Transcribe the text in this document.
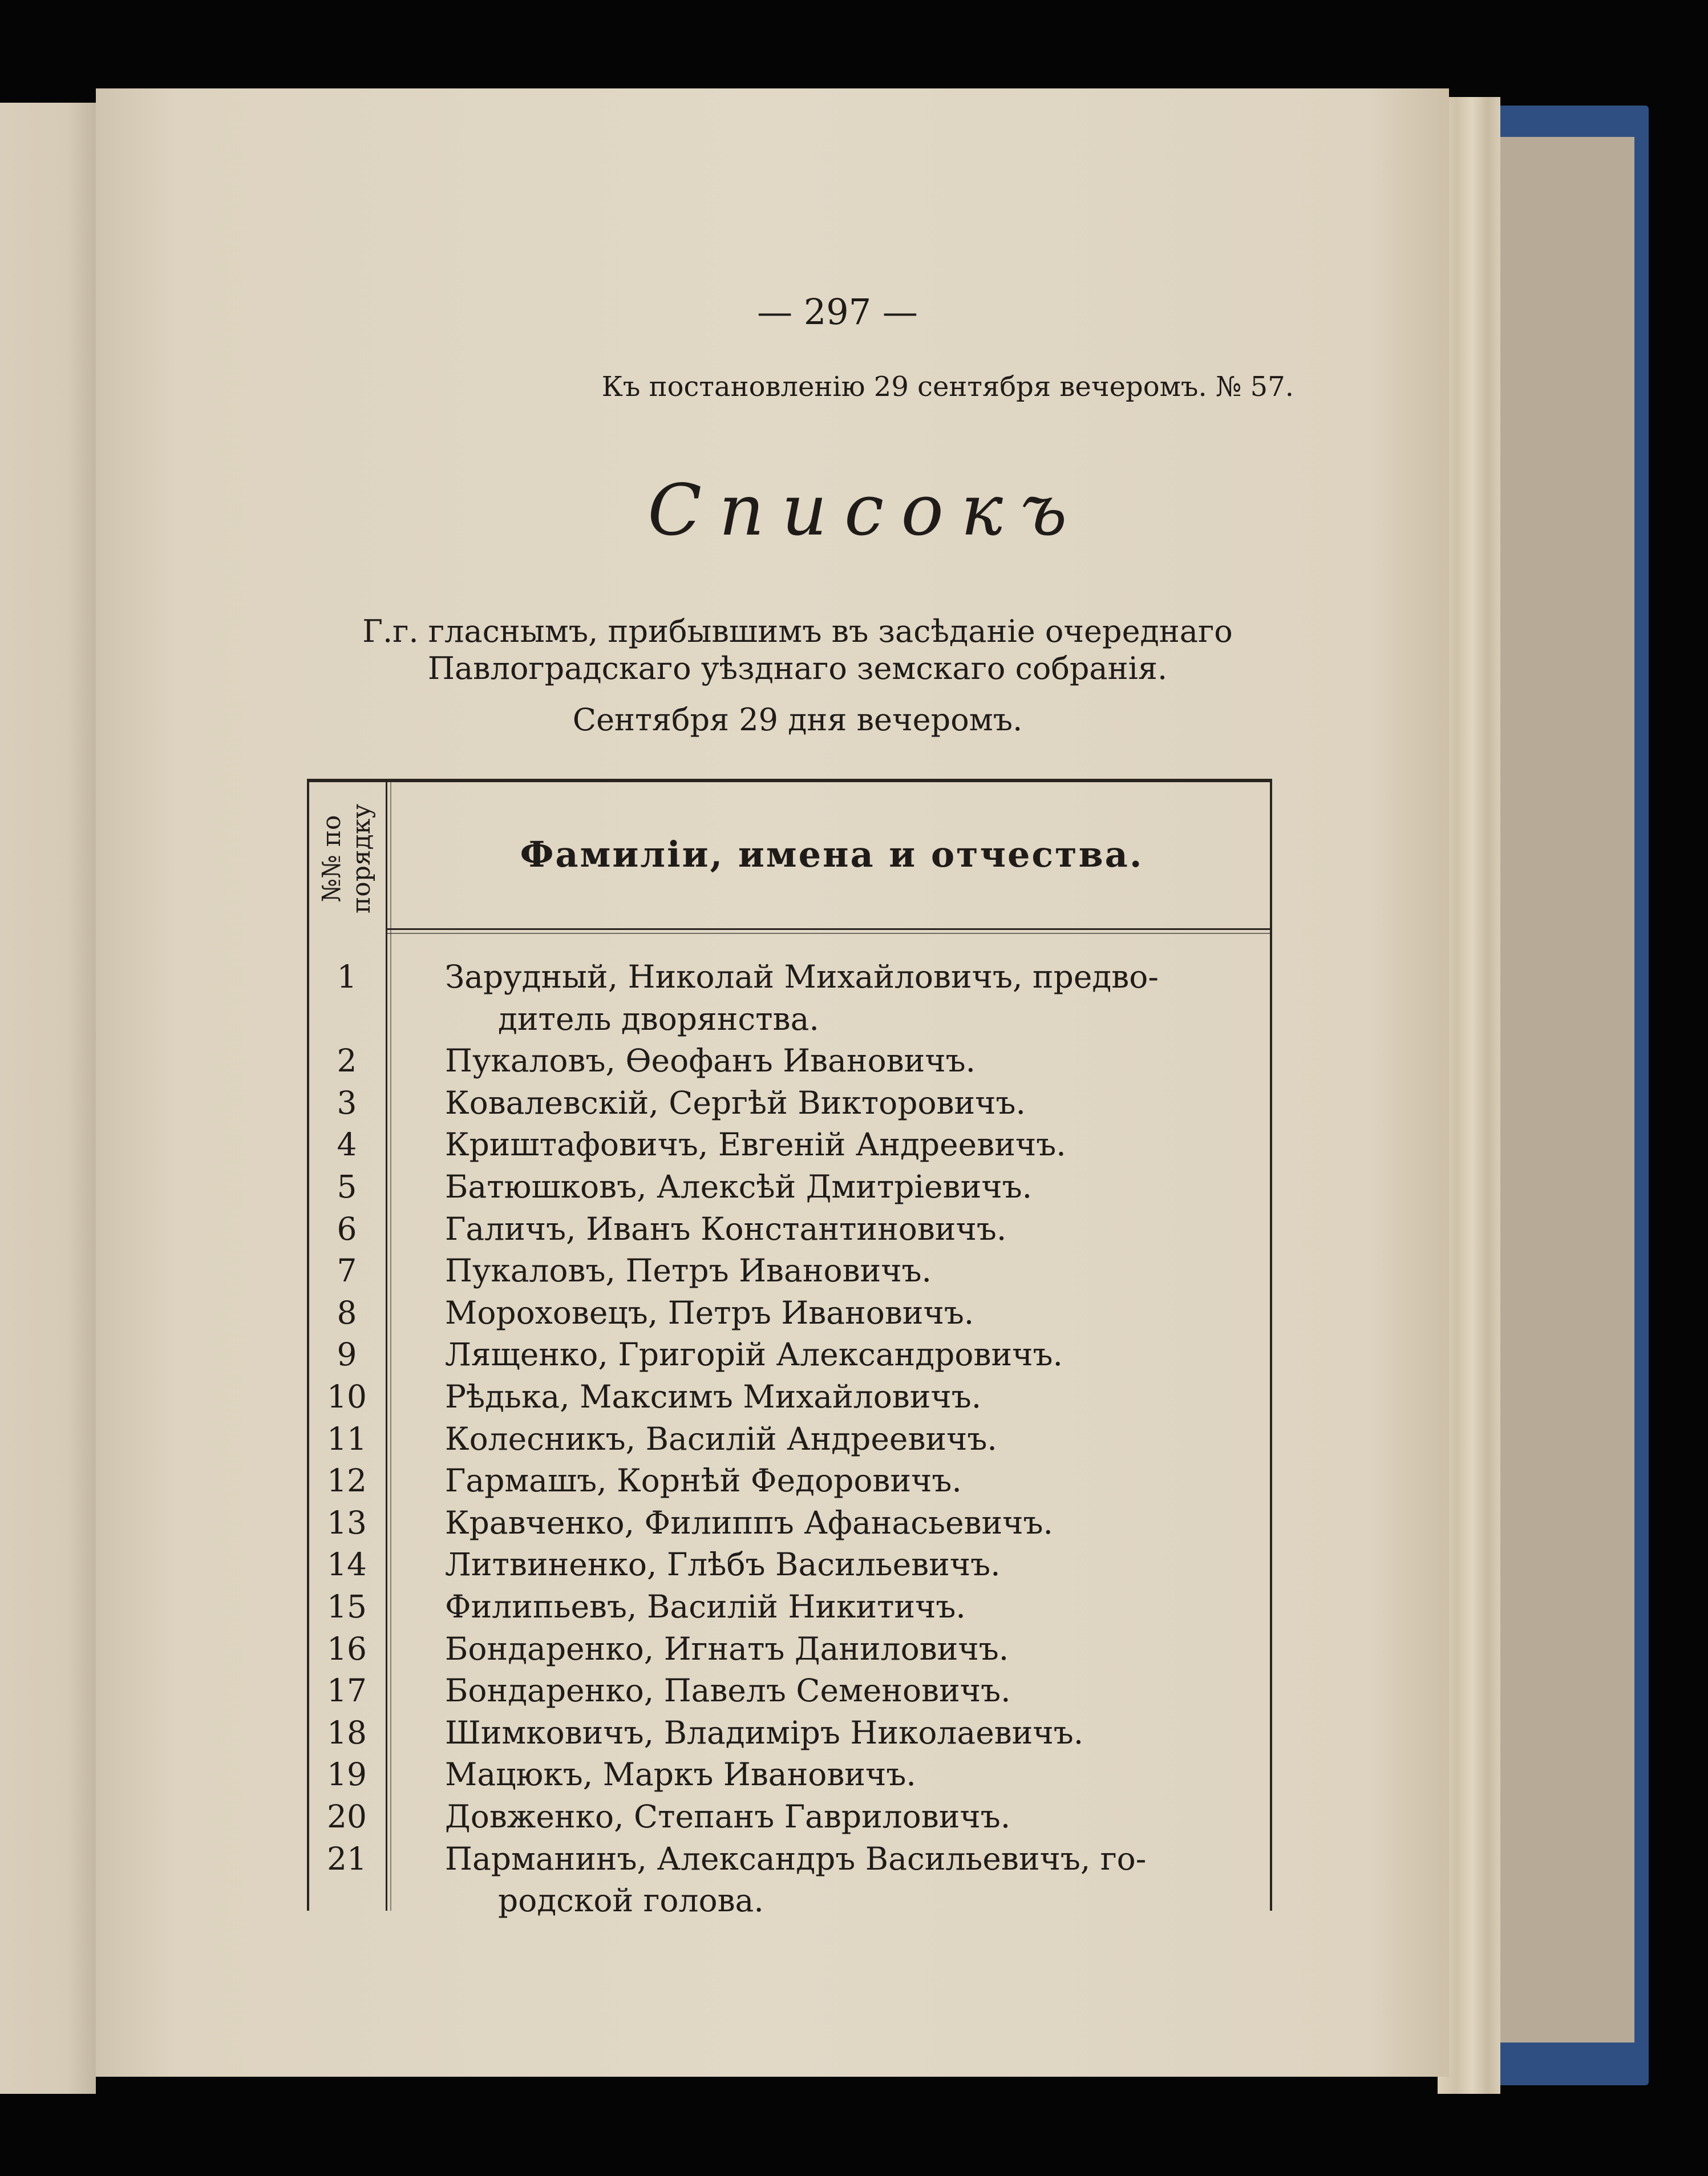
— 297 —
Къ постановленію 29 сентября вечеромъ. № 57.
Списокъ
Г.г. гласнымъ, прибывшимъ въ засѣданіе очереднаго
Павлоградскаго уѣзднаго земскаго собранія.
Сентября 29 дня вечеромъ.
№№ по
порядку	Фамиліи, имена и отчества.
1	Зарудный, Николай Михайловичъ, предво-
дитель дворянства.
2	Пукаловъ, Ѳеофанъ Ивановичъ.
3	Ковалевскій, Сергѣй Викторовичъ.
4	Криштафовичъ, Евгеній Андреевичъ.
5	Батюшковъ, Алексѣй Дмитріевичъ.
6	Галичъ, Иванъ Константиновичъ.
7	Пукаловъ, Петръ Ивановичъ.
8	Мороховецъ, Петръ Ивановичъ.
9	Лященко, Григорій Александровичъ.
10	Рѣдька, Максимъ Михайловичъ.
11	Колесникъ, Василій Андреевичъ.
12	Гармашъ, Корнѣй Федоровичъ.
13	Кравченко, Филиппъ Афанасьевичъ.
14	Литвиненко, Глѣбъ Васильевичъ.
15	Филипьевъ, Василій Никитичъ.
16	Бондаренко, Игнатъ Даниловичъ.
17	Бондаренко, Павелъ Семеновичъ.
18	Шимковичъ, Владиміръ Николаевичъ.
19	Мацюкъ, Маркъ Ивановичъ.
20	Довженко, Степанъ Гавриловичъ.
21	Парманинъ, Александръ Васильевичъ, го-
родской голова.
